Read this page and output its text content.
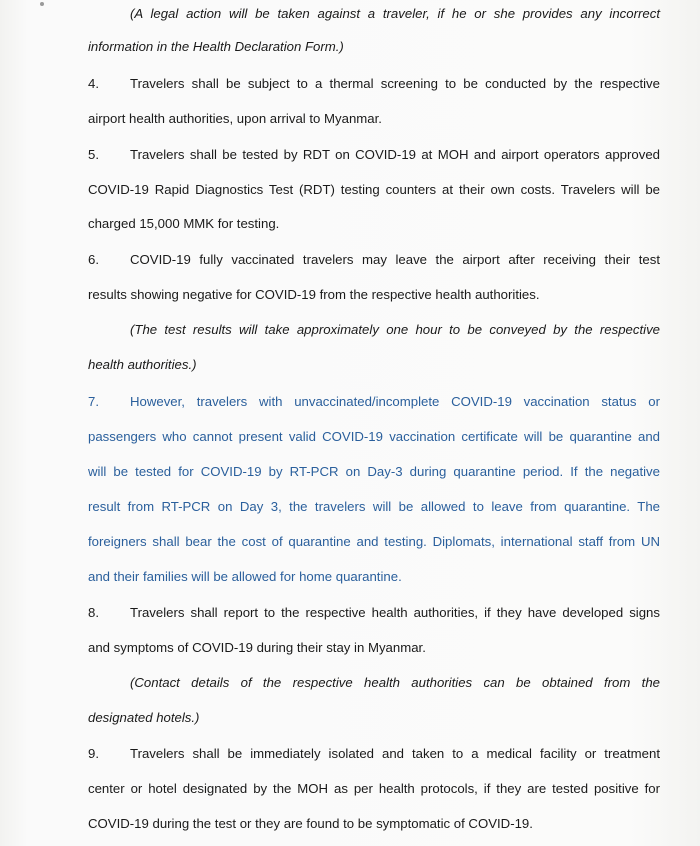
(A legal action will be taken against a traveler, if he or she provides any incorrect
information in the Health Declaration Form.)
4.	Travelers shall be subject to a thermal screening to be conducted by the respective
airport health authorities, upon arrival to Myanmar.
5.	Travelers shall be tested by RDT on COVID-19 at MOH and airport operators approved
COVID-19 Rapid Diagnostics Test (RDT) testing counters at their own costs. Travelers will be
charged 15,000 MMK for testing.
6.	COVID-19 fully vaccinated travelers may leave the airport after receiving their test
results showing negative for COVID-19 from the respective health authorities.
(The test results will take approximately one hour to be conveyed by the respective
health authorities.)
7.	However, travelers with unvaccinated/incomplete COVID-19 vaccination status or
passengers who cannot present valid COVID-19 vaccination certificate will be quarantine and
will be tested for COVID-19 by RT-PCR on Day-3 during quarantine period. If the negative
result from RT-PCR on Day 3, the travelers will be allowed to leave from quarantine. The
foreigners shall bear the cost of quarantine and testing. Diplomats, international staff from UN
and their families will be allowed for home quarantine.
8.	Travelers shall report to the respective health authorities, if they have developed signs
and symptoms of COVID-19 during their stay in Myanmar.
(Contact details of the respective health authorities can be obtained from the
designated hotels.)
9.	Travelers shall be immediately isolated and taken to a medical facility or treatment
center or hotel designated by the MOH as per health protocols, if they are tested positive for
COVID-19 during the test or they are found to be symptomatic of COVID-19.
